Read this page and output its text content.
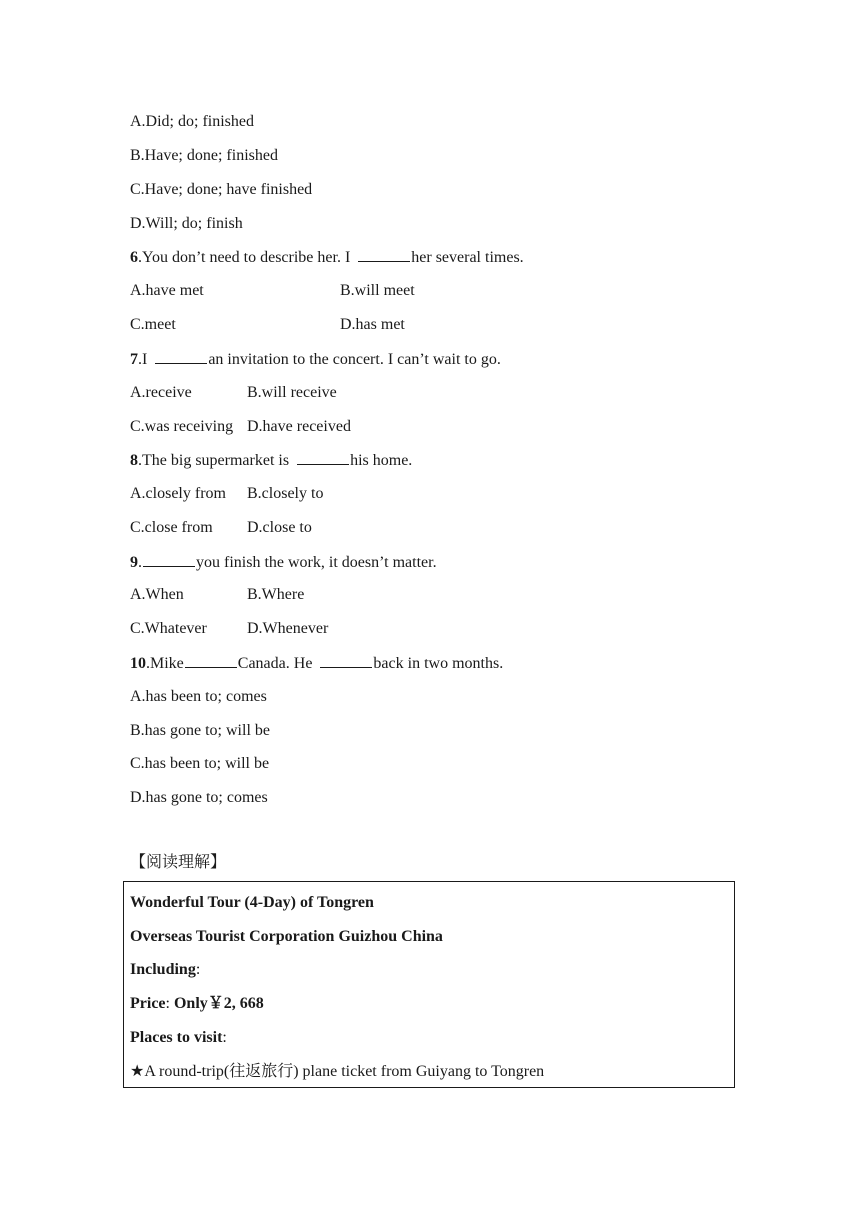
A.Did; do; finished
B.Have; done; finished
C.Have; done; have finished
D.Will; do; finish
6.You don’t need to describe her. I	her several times.
A.have met	B.will meet
C.meet	D.has met
7.I	an invitation to the concert. I can’t wait to go.
A.receive	B.will receive
C.was receiving D.have received
8.The big supermarket is	his home.
A.closely from B.closely to
C.close from D.close to
9.	you finish the work, it doesn’t matter.
A.When	B.Where
C.Whatever	D.Whenever
10.Mike	Canada. He	back in two months.
A.has been to; comes
B.has gone to; will be
C.has been to; will be
D.has gone to; comes
【阅读理解】
Wonderful Tour (4-Day) of Tongren
Overseas Tourist Corporation Guizhou China
Including:
Price: Only￥2, 668
Places to visit:
★A round-trip(往返旅行) plane ticket from Guiyang to Tongren
